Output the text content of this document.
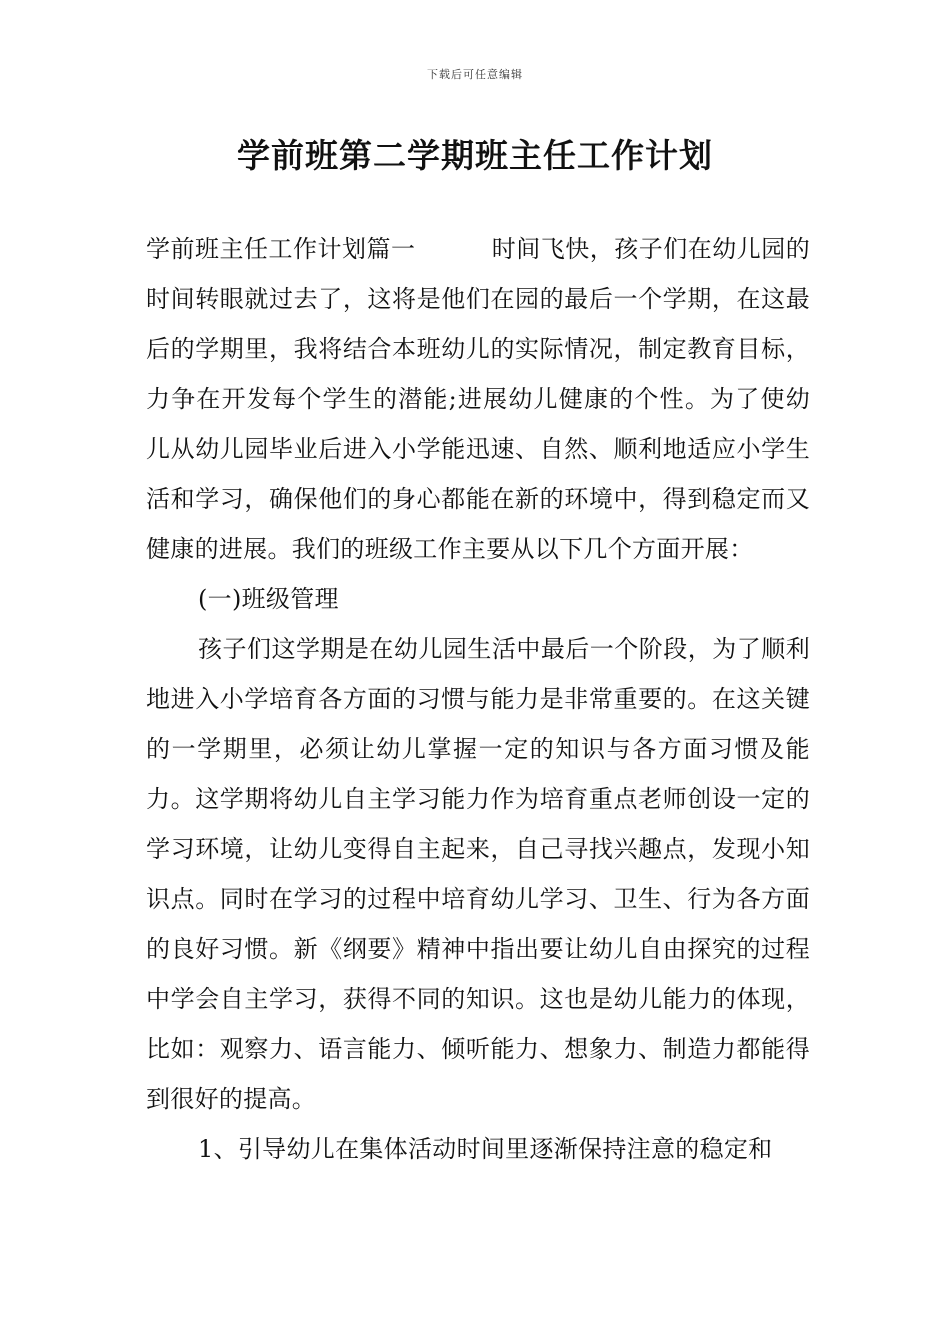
下载后可任意编辑
学前班第二学期班主任工作计划

学前班主任工作计划篇一	时间飞快，孩子们在幼儿园的时间转眼就过去了，这将是他们在园的最后一个学期，在这最后的学期里，我将结合本班幼儿的实际情况，制定教育目标，力争在开发每个学生的潜能;进展幼儿健康的个性。为了使幼儿从幼儿园毕业后进入小学能迅速、自然、顺利地适应小学生活和学习，确保他们的身心都能在新的环境中，得到稳定而又健康的进展。我们的班级工作主要从以下几个方面开展：

(一)班级管理

孩子们这学期是在幼儿园生活中最后一个阶段，为了顺利地进入小学培育各方面的习惯与能力是非常重要的。在这关键的一学期里，必须让幼儿掌握一定的知识与各方面习惯及能力。这学期将幼儿自主学习能力作为培育重点老师创设一定的学习环境，让幼儿变得自主起来，自己寻找兴趣点，发现小知识点。同时在学习的过程中培育幼儿学习、卫生、行为各方面的良好习惯。新《纲要》精神中指出要让幼儿自由探究的过程中学会自主学习，获得不同的知识。这也是幼儿能力的体现，比如：观察力、语言能力、倾听能力、想象力、制造力都能得到很好的提高。

1、引导幼儿在集体活动时间里逐渐保持注意的稳定和
